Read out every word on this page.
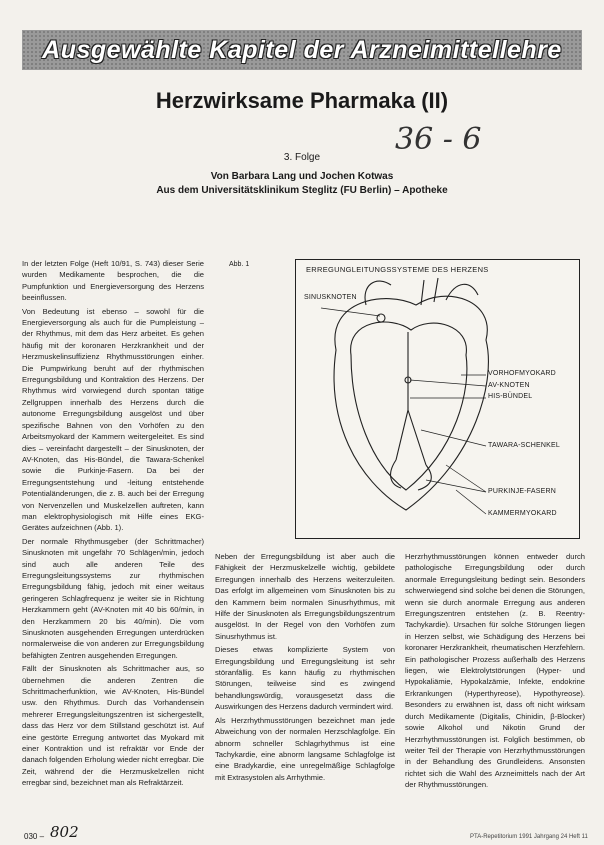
Ausgewählte Kapitel der Arzneimittellehre
Herzwirksame Pharmaka (II)
36 - 6
3. Folge
Von Barbara Lang und Jochen Kotwas
Aus dem Universitätsklinikum Steglitz (FU Berlin) – Apotheke

In der letzten Folge (Heft 10/91, S. 743) dieser Serie wurden Medikamente besprochen, die die Pumpfunktion und Energieversorgung des Herzens beeinflussen.

Von Bedeutung ist ebenso – sowohl für die Energieversorgung als auch für die Pumpleistung – der Rhythmus, mit dem das Herz arbeitet. Es gehen häufig mit der koronaren Herzkrankheit und der Herzmuskelinsuffizienz Rhythmusstörungen einher. Die Pumpwirkung beruht auf der rhythmischen Erregungsbildung und Kontraktion des Herzens. Der Rhythmus wird vorwiegend durch spontan tätige Zellgruppen innerhalb des Herzens durch die autonome Erregungsbildung ausgelöst und über spezifische Bahnen von den Vorhöfen zu den Arbeitsmyokard der Kammern weitergeleitet. Es sind dies – vereinfacht dargestellt – der Sinusknoten, der AV-Knoten, das His-Bündel, die Tawara-Schenkel sowie die Purkinje-Fasern. Da bei der Erregungsentstehung und -leitung entstehende Potentialänderungen, die z. B. auch bei der Erregung von Nervenzellen und Muskelzellen auftreten, kann man elektrophysiologisch mit Hilfe eines EKG-Gerätes aufzeichnen (Abb. 1).

Der normale Rhythmusgeber (der Schrittmacher) Sinusknoten mit ungefähr 70 Schlägen/min, jedoch sind auch alle anderen Teile des Erregungsleitungssystems zur rhythmischen Erregungsbildung fähig, jedoch mit einer weitaus geringeren Schlagfrequenz je weiter sie in Richtung Herzkammern geht (AV-Knoten mit 40 bis 60/min, in den Herzkammern 20 bis 40/min). Die vom Sinusknoten ausgehenden Erregungen unterdrücken normalerweise die von anderen zur Erregungsbildung befähigten Zentren ausgehenden Erregungen.

Fällt der Sinusknoten als Schrittmacher aus, so übernehmen die anderen Zentren die Schrittmacherfunktion, wie AV-Knoten, His-Bündel usw. den Rhythmus. Durch das Vorhandensein mehrerer Erregungsleitungszentren ist sichergestellt, dass das Herz vor dem Stillstand geschützt ist. Auf eine gestörte Erregung antwortet das Myokard mit einer Kontraktion und ist refraktär vor Ende der danach folgenden Erholung wieder nicht erregbar. Die Zeit, während der die Herzmuskelzellen nicht erregbar sind, bezeichnet man als Refraktärzeit.

Abb. 1
ERREGUNGLEITUNGSSYSTEME DES HERZENS
SINUSKNOTEN
VORHOFMYOKARD
AV-KNOTEN
HIS-BÜNDEL
TAWARA-SCHENKEL
PURKINJE-FASERN
KAMMERMYOKARD

Neben der Erregungsbildung ist aber auch die Fähigkeit der Herzmuskelzelle wichtig, gebildete Erregungen innerhalb des Herzens weiterzuleiten. Das erfolgt im allgemeinen vom Sinusknoten bis zu den Kammern beim normalen Sinusrhythmus, mit Hilfe der Sinusknoten als Erregungsbildungszentrum ausgelöst. In der Regel von den Vorhöfen zum Sinusrhythmus ist.

Dieses etwas komplizierte System von Erregungsbildung und Erregungsleitung ist sehr störanfällig. Es kann häufig zu rhythmischen Störungen, teilweise sind es zwingend behandlungswürdig, vorausgesetzt dass die Auswirkungen des Herzens dadurch vermindert wird.

Als Herzrhythmusstörungen bezeichnet man jede Abweichung von der normalen Herzschlagfolge. Ein abnorm schneller Schlagrhythmus ist eine Tachykardie, eine abnorm langsame Schlagfolge ist eine Bradykardie, eine unregelmäßige Schlagfolge mit Extrasystolen als Arrhythmie.

Herzrhythmusstörungen können entweder durch pathologische Erregungsbildung oder durch anormale Erregungsleitung bedingt sein. Besonders schwerwiegend sind solche bei denen die Störungen, wenn sie durch anormale Erregung aus anderen Erregungszentren entstehen (z. B. Reentry-Tachykardie). Ursachen für solche Störungen liegen in Herzen selbst, wie Schädigung des Herzens bei koronarer Herzkrankheit, rheumatischen Herzfehlern. Ein pathologischer Prozess außerhalb des Herzens liegen, wie Elektrolytstörungen (Hyper- und Hypokaliämie, Hypokalzämie, Infekte, endokrine Erkrankungen (Hyperthyreose), Hypothyreose). Besonders zu erwähnen ist, dass oft nicht wirksam durch Medikamente (Digitalis, Chinidin, β-Blocker) sowie Alkohol und Nikotin Grund der Herzrhythmusstörungen ist. Folglich bestimmen, ob weiter Teil der Therapie von Herzrhythmusstörungen in der Behandlung des Grundleidens. Ansonsten richtet sich die Wahl des Arzneimittels nach der Art der Rhythmusstörungen.

030 – 802	PTA-Repetitorium 1991 Jahrgang 24 Heft 11
